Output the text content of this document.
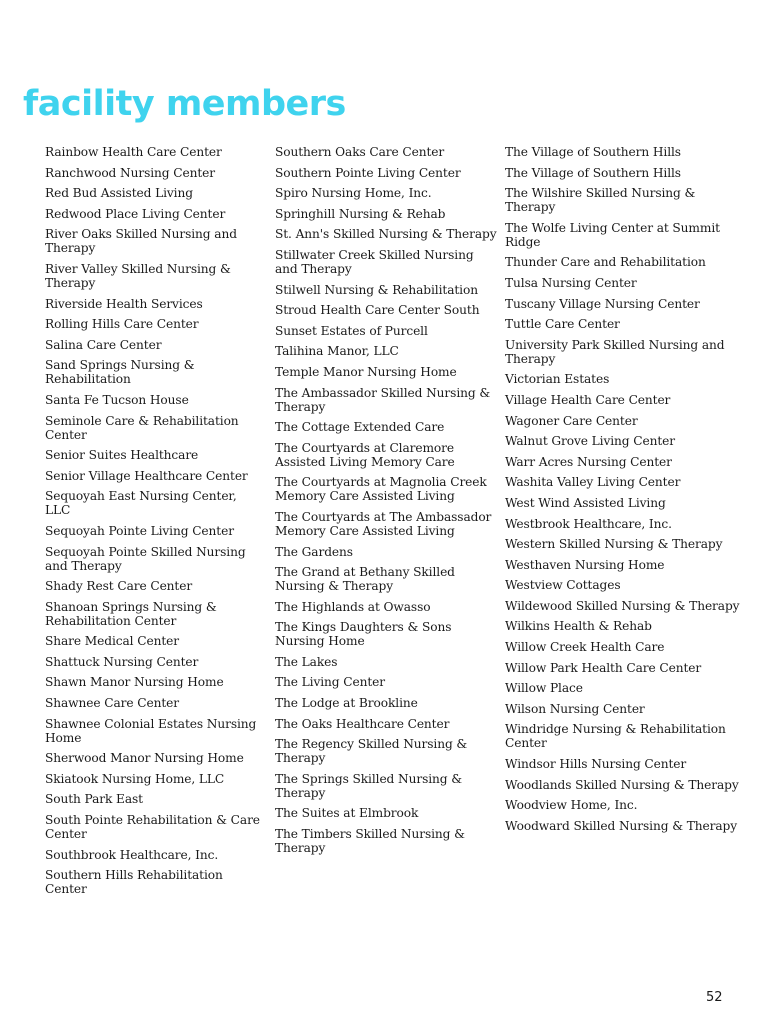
facility members

Rainbow Health Care Center

Ranchwood Nursing Center

Red Bud Assisted Living

Redwood Place Living Center

River Oaks Skilled Nursing and Therapy

River Valley Skilled Nursing & Therapy

Riverside Health Services

Rolling Hills Care Center

Salina Care Center

Sand Springs Nursing & Rehabilitation

Santa Fe Tucson House

Seminole Care & Rehabilitation Center

Senior Suites Healthcare

Senior Village Healthcare Center

Sequoyah East Nursing Center, LLC

Sequoyah Pointe Living Center

Sequoyah Pointe Skilled Nursing and Therapy

Shady Rest Care Center

Shanoan Springs Nursing & Rehabilitation Center

Share Medical Center

Shattuck Nursing Center

Shawn Manor Nursing Home

Shawnee Care Center

Shawnee Colonial Estates Nursing Home

Sherwood Manor Nursing Home

Skiatook Nursing Home, LLC

South Park East

South Pointe Rehabilitation & Care Center

Southbrook Healthcare, Inc.

Southern Hills Rehabilitation Center

Southern Oaks Care Center

Southern Pointe Living Center

Spiro Nursing Home, Inc.

Springhill Nursing & Rehab

St. Ann's Skilled Nursing & Therapy

Stillwater Creek Skilled Nursing and Therapy

Stilwell Nursing & Rehabilitation

Stroud Health Care Center South

Sunset Estates of Purcell

Talihina Manor, LLC

Temple Manor Nursing Home

The Ambassador Skilled Nursing & Therapy

The Cottage Extended Care

The Courtyards at Claremore Assisted Living Memory Care

The Courtyards at Magnolia Creek Memory Care Assisted Living

The Courtyards at The Ambassador Memory Care Assisted Living

The Gardens

The Grand at Bethany Skilled Nursing & Therapy

The Highlands at Owasso

The Kings Daughters & Sons Nursing Home

The Lakes

The Living Center

The Lodge at Brookline

The Oaks Healthcare Center

The Regency Skilled Nursing & Therapy

The Springs Skilled Nursing & Therapy

The Suites at Elmbrook

The Timbers Skilled Nursing & Therapy

The Village of Southern Hills

The Village of Southern Hills

The Wilshire Skilled Nursing & Therapy

The Wolfe Living Center at Summit Ridge

Thunder Care and Rehabilitation

Tulsa Nursing Center

Tuscany Village Nursing Center

Tuttle Care Center

University Park Skilled Nursing and Therapy

Victorian Estates

Village Health Care Center

Wagoner Care Center

Walnut Grove Living Center

Warr Acres Nursing Center

Washita Valley Living Center

West Wind Assisted Living

Westbrook Healthcare, Inc.

Western Skilled Nursing & Therapy

Westhaven Nursing Home

Westview Cottages

Wildewood Skilled Nursing & Therapy

Wilkins Health & Rehab

Willow Creek Health Care

Willow Park Health Care Center

Willow Place

Wilson Nursing Center

Windridge Nursing & Rehabilitation Center

Windsor Hills Nursing Center

Woodlands Skilled Nursing & Therapy

Woodview Home, Inc.

Woodward Skilled Nursing & Therapy

52
